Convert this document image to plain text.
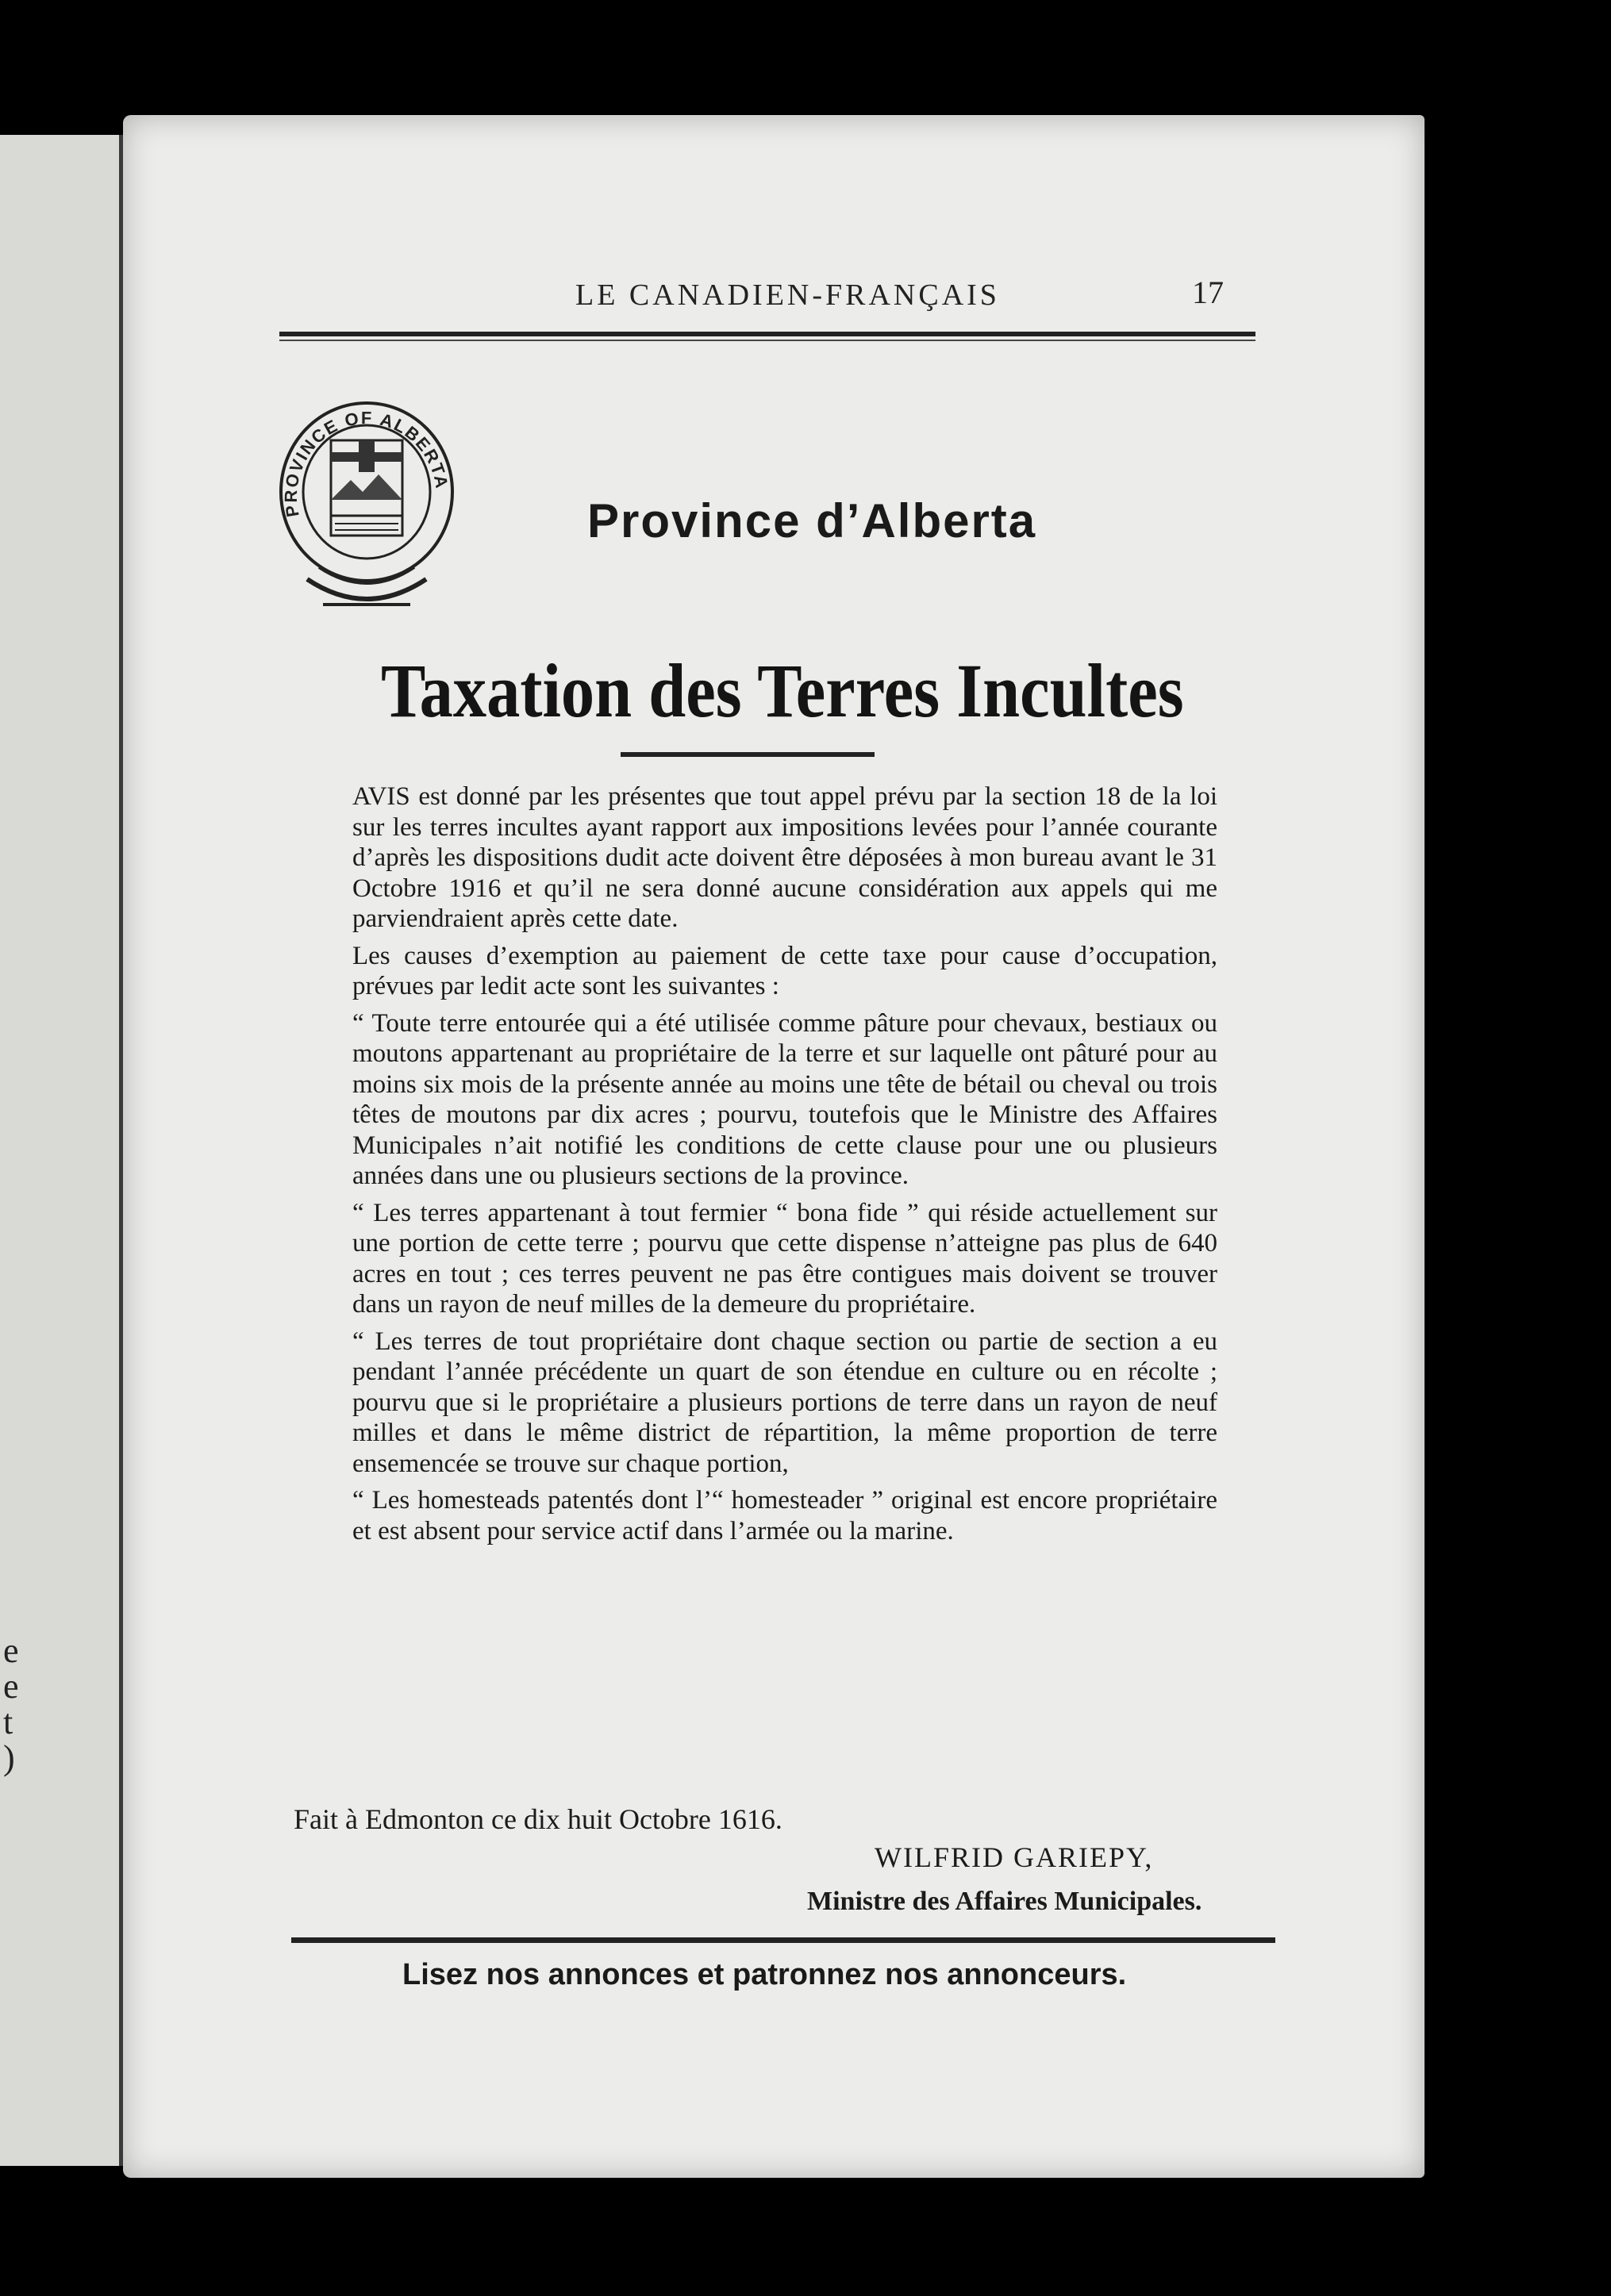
e
e
t
)
LE CANADIEN-FRANÇAIS	17
PROVINCE OF ALBERTA
Province d’Alberta
Taxation des Terres Incultes

AVIS est donné par les présentes que tout appel prévu par la section 18 de la loi sur les terres incultes ayant rapport aux impositions levées pour l’année courante d’après les dispositions dudit acte doivent être déposées à mon bureau avant le 31 Octobre 1916 et qu’il ne sera donné aucune considération aux appels qui me parviendraient après cette date.

Les causes d’exemption au paiement de cette taxe pour cause d’occupation, prévues par ledit acte sont les suivantes :

“ Toute terre entourée qui a été utilisée comme pâture pour chevaux, bestiaux ou moutons appartenant au propriétaire de la terre et sur laquelle ont pâturé pour au moins six mois de la présente année au moins une tête de bétail ou cheval ou trois têtes de moutons par dix acres ; pourvu, toutefois que le Ministre des Affaires Municipales n’ait notifié les conditions de cette clause pour une ou plusieurs années dans une ou plusieurs sections de la province.

“ Les terres appartenant à tout fermier “ bona fide ” qui réside actuellement sur une portion de cette terre ; pourvu que cette dispense n’atteigne pas plus de 640 acres en tout ; ces terres peuvent ne pas être contigues mais doivent se trouver dans un rayon de neuf milles de la demeure du propriétaire.

“ Les terres de tout propriétaire dont chaque section ou partie de section a eu pendant l’année précédente un quart de son étendue en culture ou en récolte ; pourvu que si le propriétaire a plusieurs portions de terre dans un rayon de neuf milles et dans le même district de répartition, la même proportion de terre ensemencée se trouve sur chaque portion,

“ Les homesteads patentés dont l’“ homesteader ” original est encore propriétaire et est absent pour service actif dans l’armée ou la marine.

Fait à Edmonton ce dix huit Octobre 1616.
WILFRID GARIEPY,
Ministre des Affaires Municipales.
Lisez nos annonces et patronnez nos annonceurs.
